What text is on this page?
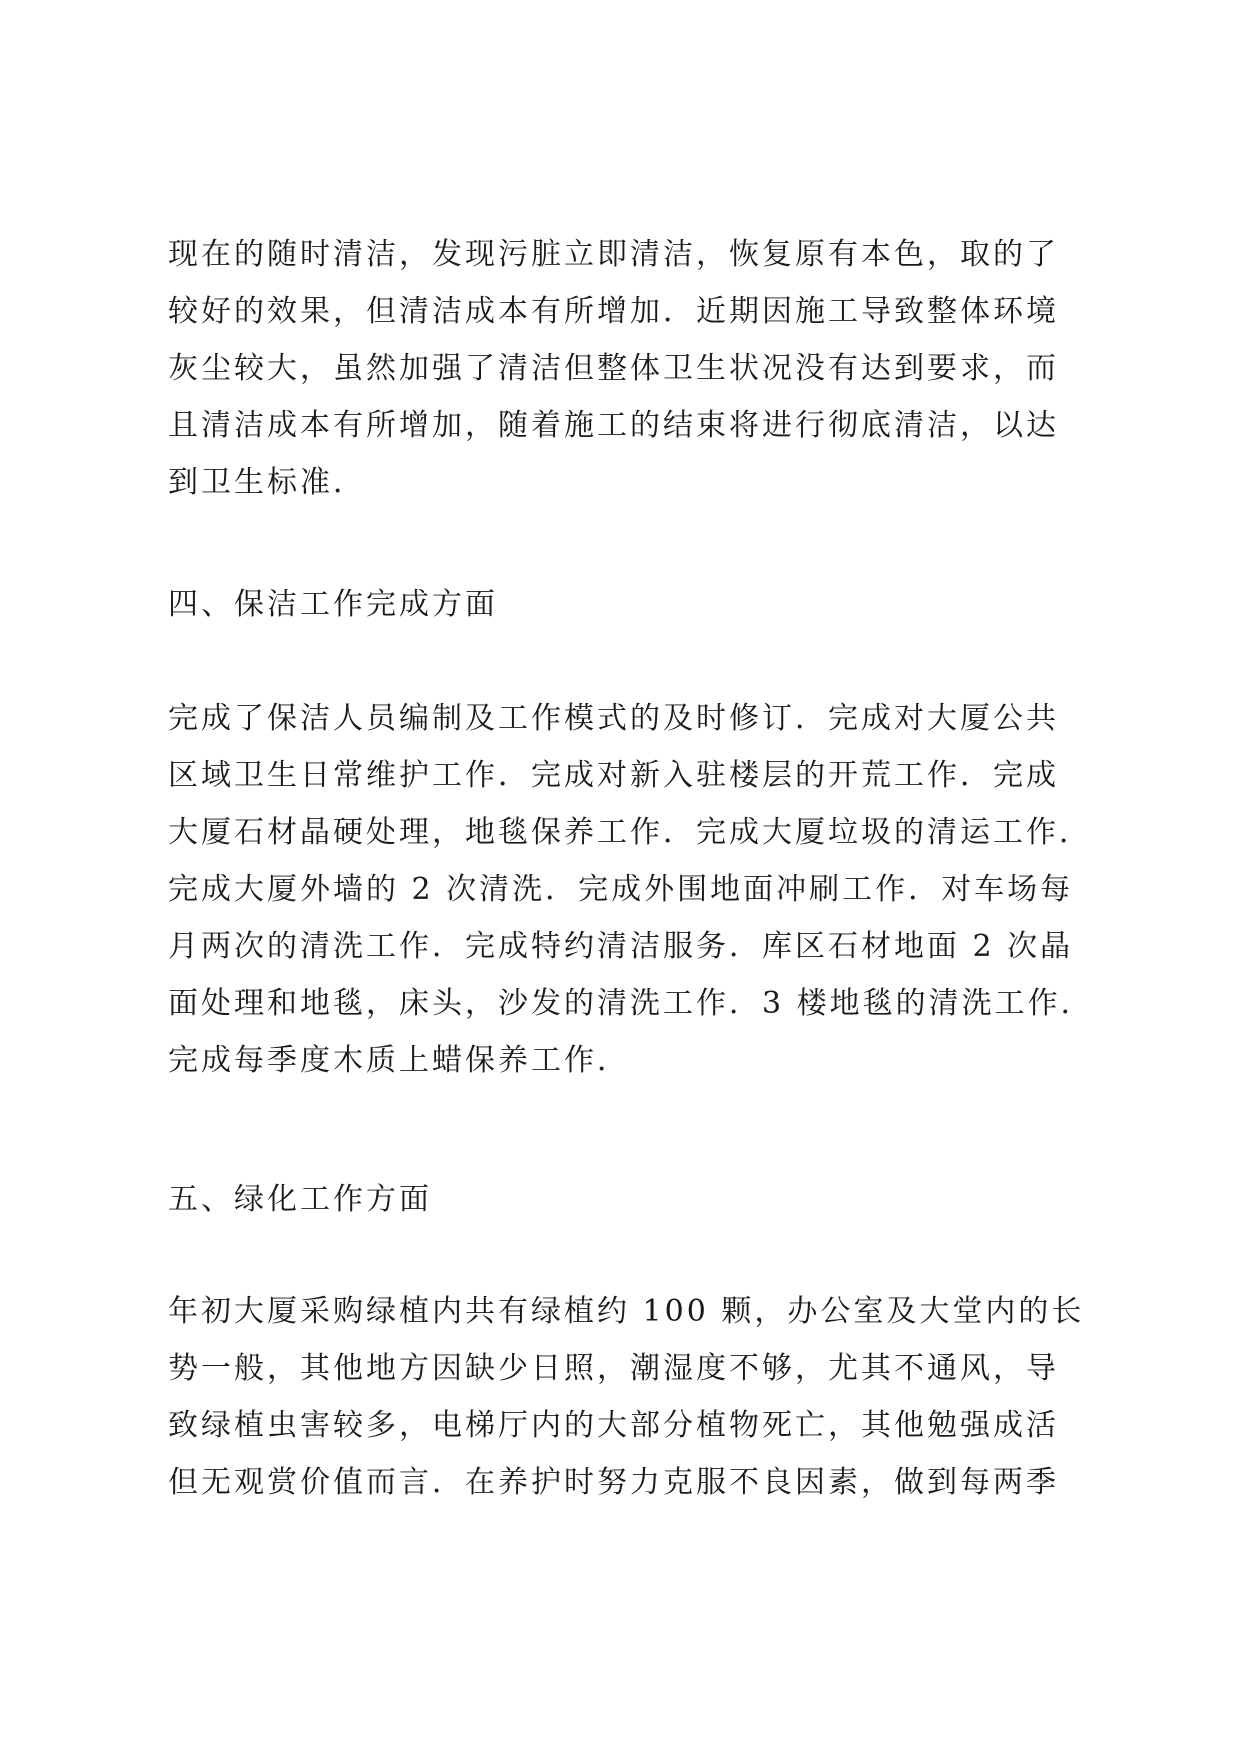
现在的随时清洁，发现污脏立即清洁，恢复原有本色，取的了
较好的效果，但清洁成本有所增加．近期因施工导致整体环境
灰尘较大，虽然加强了清洁但整体卫生状况没有达到要求，而
且清洁成本有所增加，随着施工的结束将进行彻底清洁，以达
到卫生标准．
四、保洁工作完成方面
完成了保洁人员编制及工作模式的及时修订．完成对大厦公共
区域卫生日常维护工作．完成对新入驻楼层的开荒工作．完成
大厦石材晶硬处理，地毯保养工作．完成大厦垃圾的清运工作．
完成大厦外墙的 2 次清洗．完成外围地面冲刷工作．对车场每
月两次的清洗工作．完成特约清洁服务．库区石材地面 2 次晶
面处理和地毯，床头，沙发的清洗工作．3 楼地毯的清洗工作．
完成每季度木质上蜡保养工作．
五、绿化工作方面
年初大厦采购绿植内共有绿植约 100 颗，办公室及大堂内的长
势一般，其他地方因缺少日照，潮湿度不够，尤其不通风，导
致绿植虫害较多，电梯厅内的大部分植物死亡，其他勉强成活
但无观赏价值而言．在养护时努力克服不良因素，做到每两季
